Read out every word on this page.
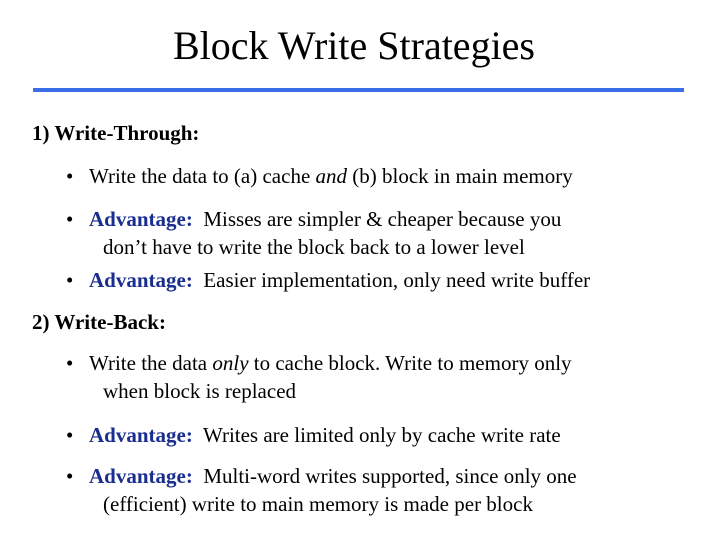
Block Write Strategies
1) Write-Through:
• Write the data to (a) cache and (b) block in main memory
• Advantage:  Misses are simpler & cheaper because you
don’t have to write the block back to a lower level
• Advantage:  Easier implementation, only need write buffer
2) Write-Back:
• Write the data only to cache block. Write to memory only
when block is replaced
• Advantage:  Writes are limited only by cache write rate
• Advantage:  Multi-word writes supported, since only one
(efficient) write to main memory is made per block
